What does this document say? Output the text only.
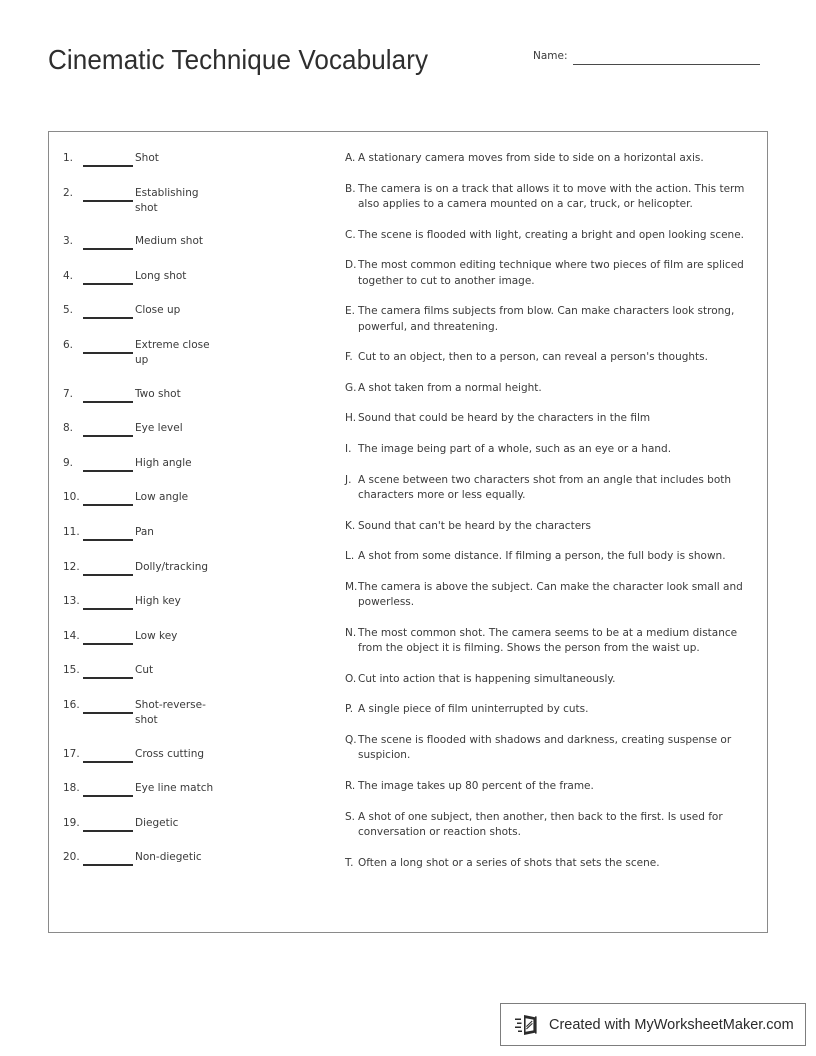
Cinematic Technique Vocabulary	Name:
1.	Shot
2.	Establishing shot
3.	Medium shot
4.	Long shot
5.	Close up
6.	Extreme close up
7.	Two shot
8.	Eye level
9.	High angle
10.	Low angle
11.	Pan
12.	Dolly/tracking
13.	High key
14.	Low key
15.	Cut
16.	Shot-reverse-shot
17.	Cross cutting
18.	Eye line match
19.	Diegetic
20.	Non-diegetic
A. A stationary camera moves from side to side on a horizontal axis.
B. The camera is on a track that allows it to move with the action. This term also applies to a camera mounted on a car, truck, or helicopter.
C. The scene is flooded with light, creating a bright and open looking scene.
D. The most common editing technique where two pieces of film are spliced together to cut to another image.
E. The camera films subjects from blow. Can make characters look strong, powerful, and threatening.
F. Cut to an object, then to a person, can reveal a person's thoughts.
G. A shot taken from a normal height.
H. Sound that could be heard by the characters in the film
I. The image being part of a whole, such as an eye or a hand.
J. A scene between two characters shot from an angle that includes both characters more or less equally.
K. Sound that can't be heard by the characters
L. A shot from some distance. If filming a person, the full body is shown.
M. The camera is above the subject. Can make the character look small and powerless.
N. The most common shot. The camera seems to be at a medium distance from the object it is filming. Shows the person from the waist up.
O. Cut into action that is happening simultaneously.
P. A single piece of film uninterrupted by cuts.
Q. The scene is flooded with shadows and darkness, creating suspense or suspicion.
R. The image takes up 80 percent of the frame.
S. A shot of one subject, then another, then back to the first. Is used for conversation or reaction shots.
T. Often a long shot or a series of shots that sets the scene.
Created with MyWorksheetMaker.com
